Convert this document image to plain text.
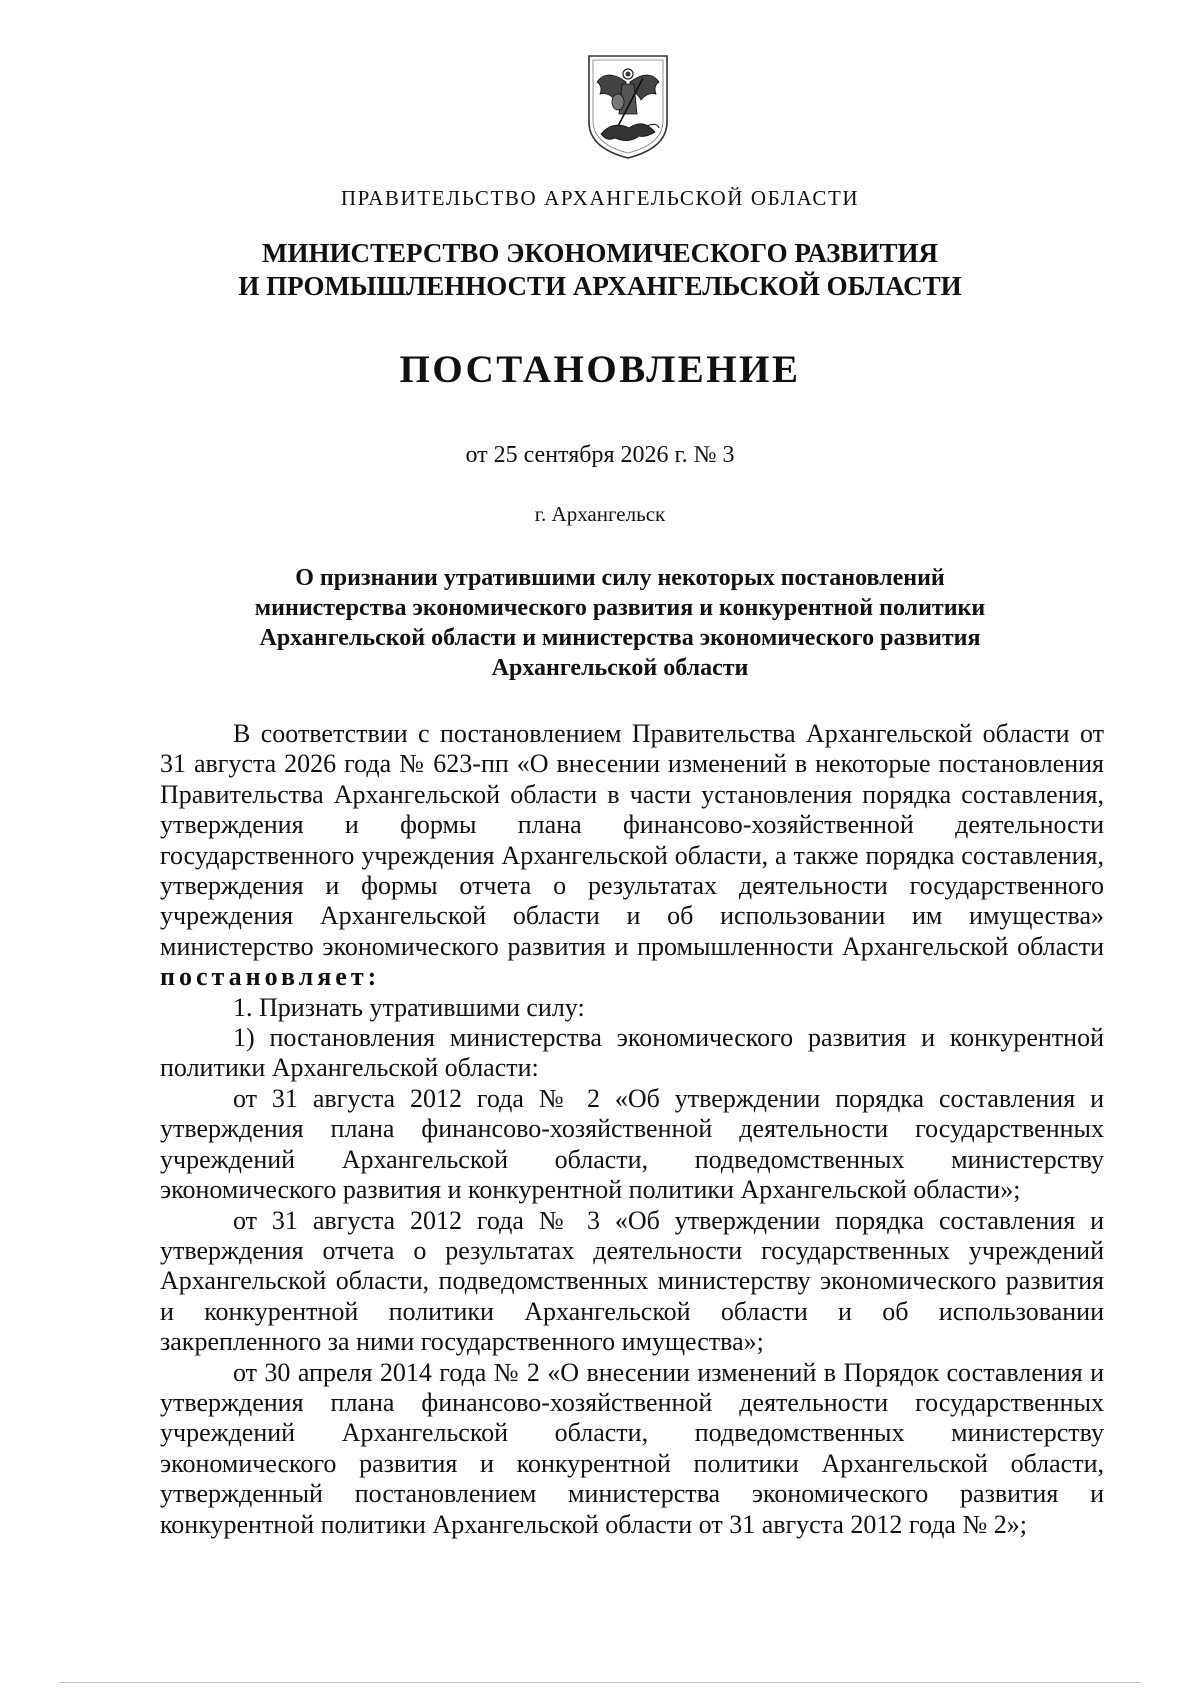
ПРАВИТЕЛЬСТВО АРХАНГЕЛЬСКОЙ ОБЛАСТИ
МИНИСТЕРСТВО ЭКОНОМИЧЕСКОГО РАЗВИТИЯ
И ПРОМЫШЛЕННОСТИ АРХАНГЕЛЬСКОЙ ОБЛАСТИ
ПОСТАНОВЛЕНИЕ
от 25 сентября 2026 г. № 3
г. Архангельск
О признании утратившими силу некоторых постановлений
министерства экономического развития и конкурентной политики
Архангельской области и министерства экономического развития
Архангельской области

В соответствии с постановлением Правительства Архангельской области от 31 августа 2026 года № 623-пп «О внесении изменений в некоторые постановления Правительства Архангельской области в части установления порядка составления, утверждения и формы плана финансово-хозяйственной деятельности государственного учреждения Архангельской области, а также порядка составления, утверждения и формы отчета о результатах деятельности государственного учреждения Архангельской области и об использовании им имущества» министерство экономического развития и промышленности Архангельской области постановляет:

1. Признать утратившими силу:

1) постановления министерства экономического развития и конкурентной политики Архангельской области:

от 31 августа 2012 года № 2 «Об утверждении порядка составления и утверждения плана финансово-хозяйственной деятельности государственных учреждений Архангельской области, подведомственных министерству экономического развития и конкурентной политики Архангельской области»;

от 31 августа 2012 года № 3 «Об утверждении порядка составления и утверждения отчета о результатах деятельности государственных учреждений Архангельской области, подведомственных министерству экономического развития и конкурентной политики Архангельской области и об использовании закрепленного за ними государственного имущества»;

от 30 апреля 2014 года № 2 «О внесении изменений в Порядок составления и утверждения плана финансово-хозяйственной деятельности государственных учреждений Архангельской области, подведомственных министерству экономического развития и конкурентной политики Архангельской области, утвержденный постановлением министерства экономического развития и конкурентной политики Архангельской области от 31 августа 2012 года № 2»;
